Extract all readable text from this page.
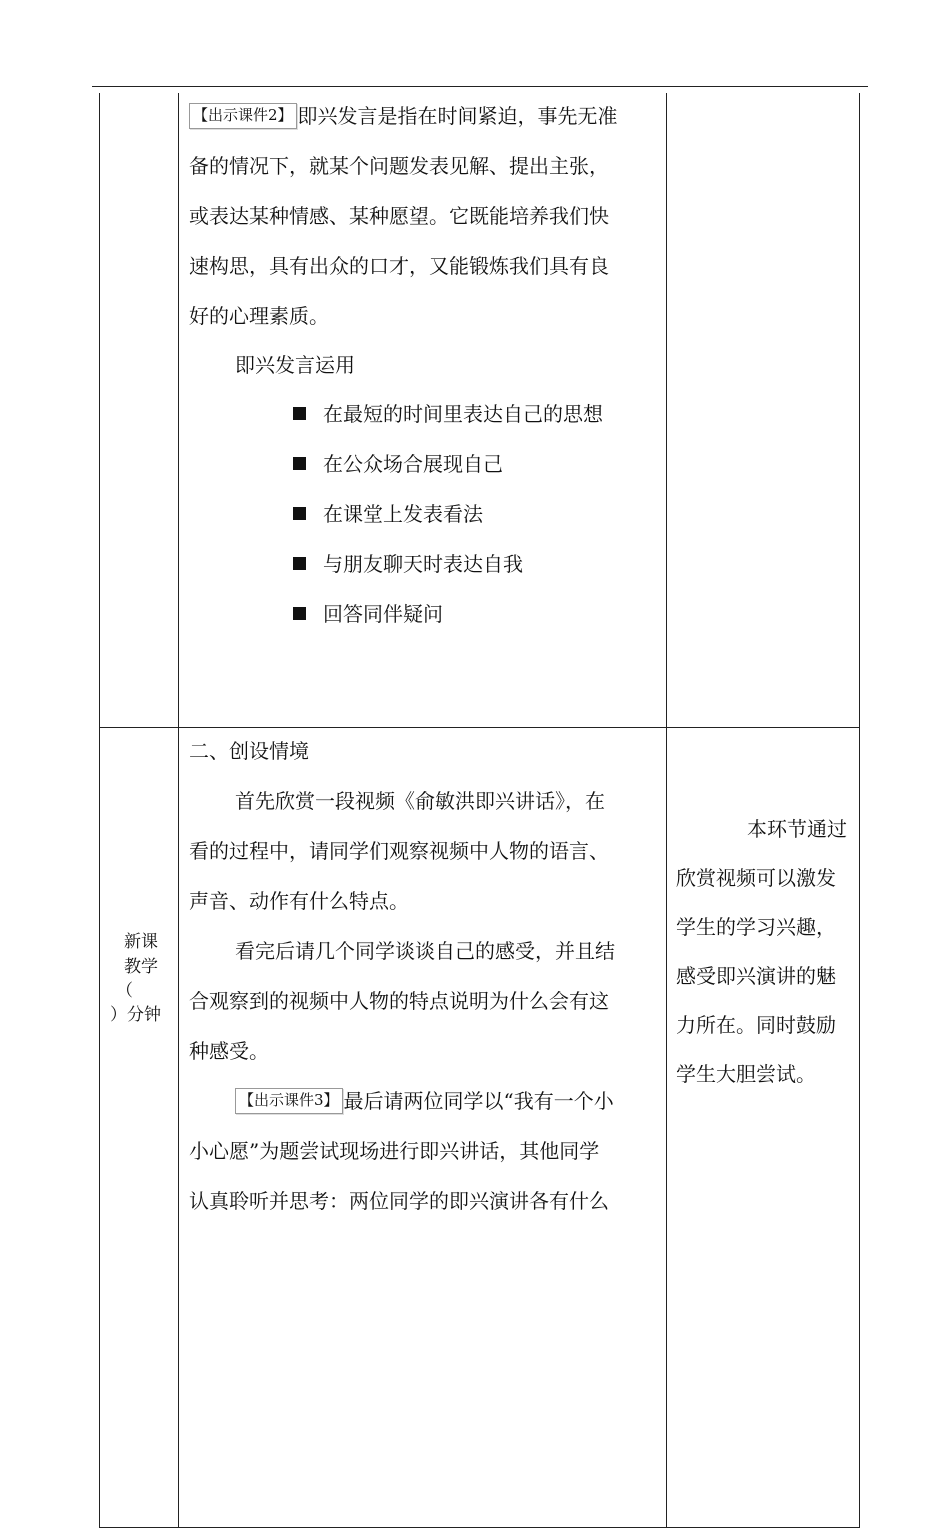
【出示课件2】 即兴发言是指在时间紧迫，事先无准
备的情况下，就某个问题发表见解、提出主张，
或表达某种情感、某种愿望。它既能培养我们快
速构思，具有出众的口才，又能锻炼我们具有良
好的心理素质。
即兴发言运用
在最短的时间里表达自己的思想
在公众场合展现自己
在课堂上发表看法
与朋友聊天时表达自我
回答同伴疑问
新课
教学
（
）分钟
二、创设情境
首先欣赏一段视频《俞敏洪即兴讲话》，在
看的过程中，请同学们观察视频中人物的语言、
声音、动作有什么特点。
看完后请几个同学谈谈自己的感受，并且结
合观察到的视频中人物的特点说明为什么会有这
种感受。
【出示课件3】 最后请两位同学以“我有一个小
小心愿”为题尝试现场进行即兴讲话，其他同学
认真聆听并思考：两位同学的即兴演讲各有什么
本环节通过
欣赏视频可以激发
学生的学习兴趣，
感受即兴演讲的魅
力所在。同时鼓励
学生大胆尝试。
